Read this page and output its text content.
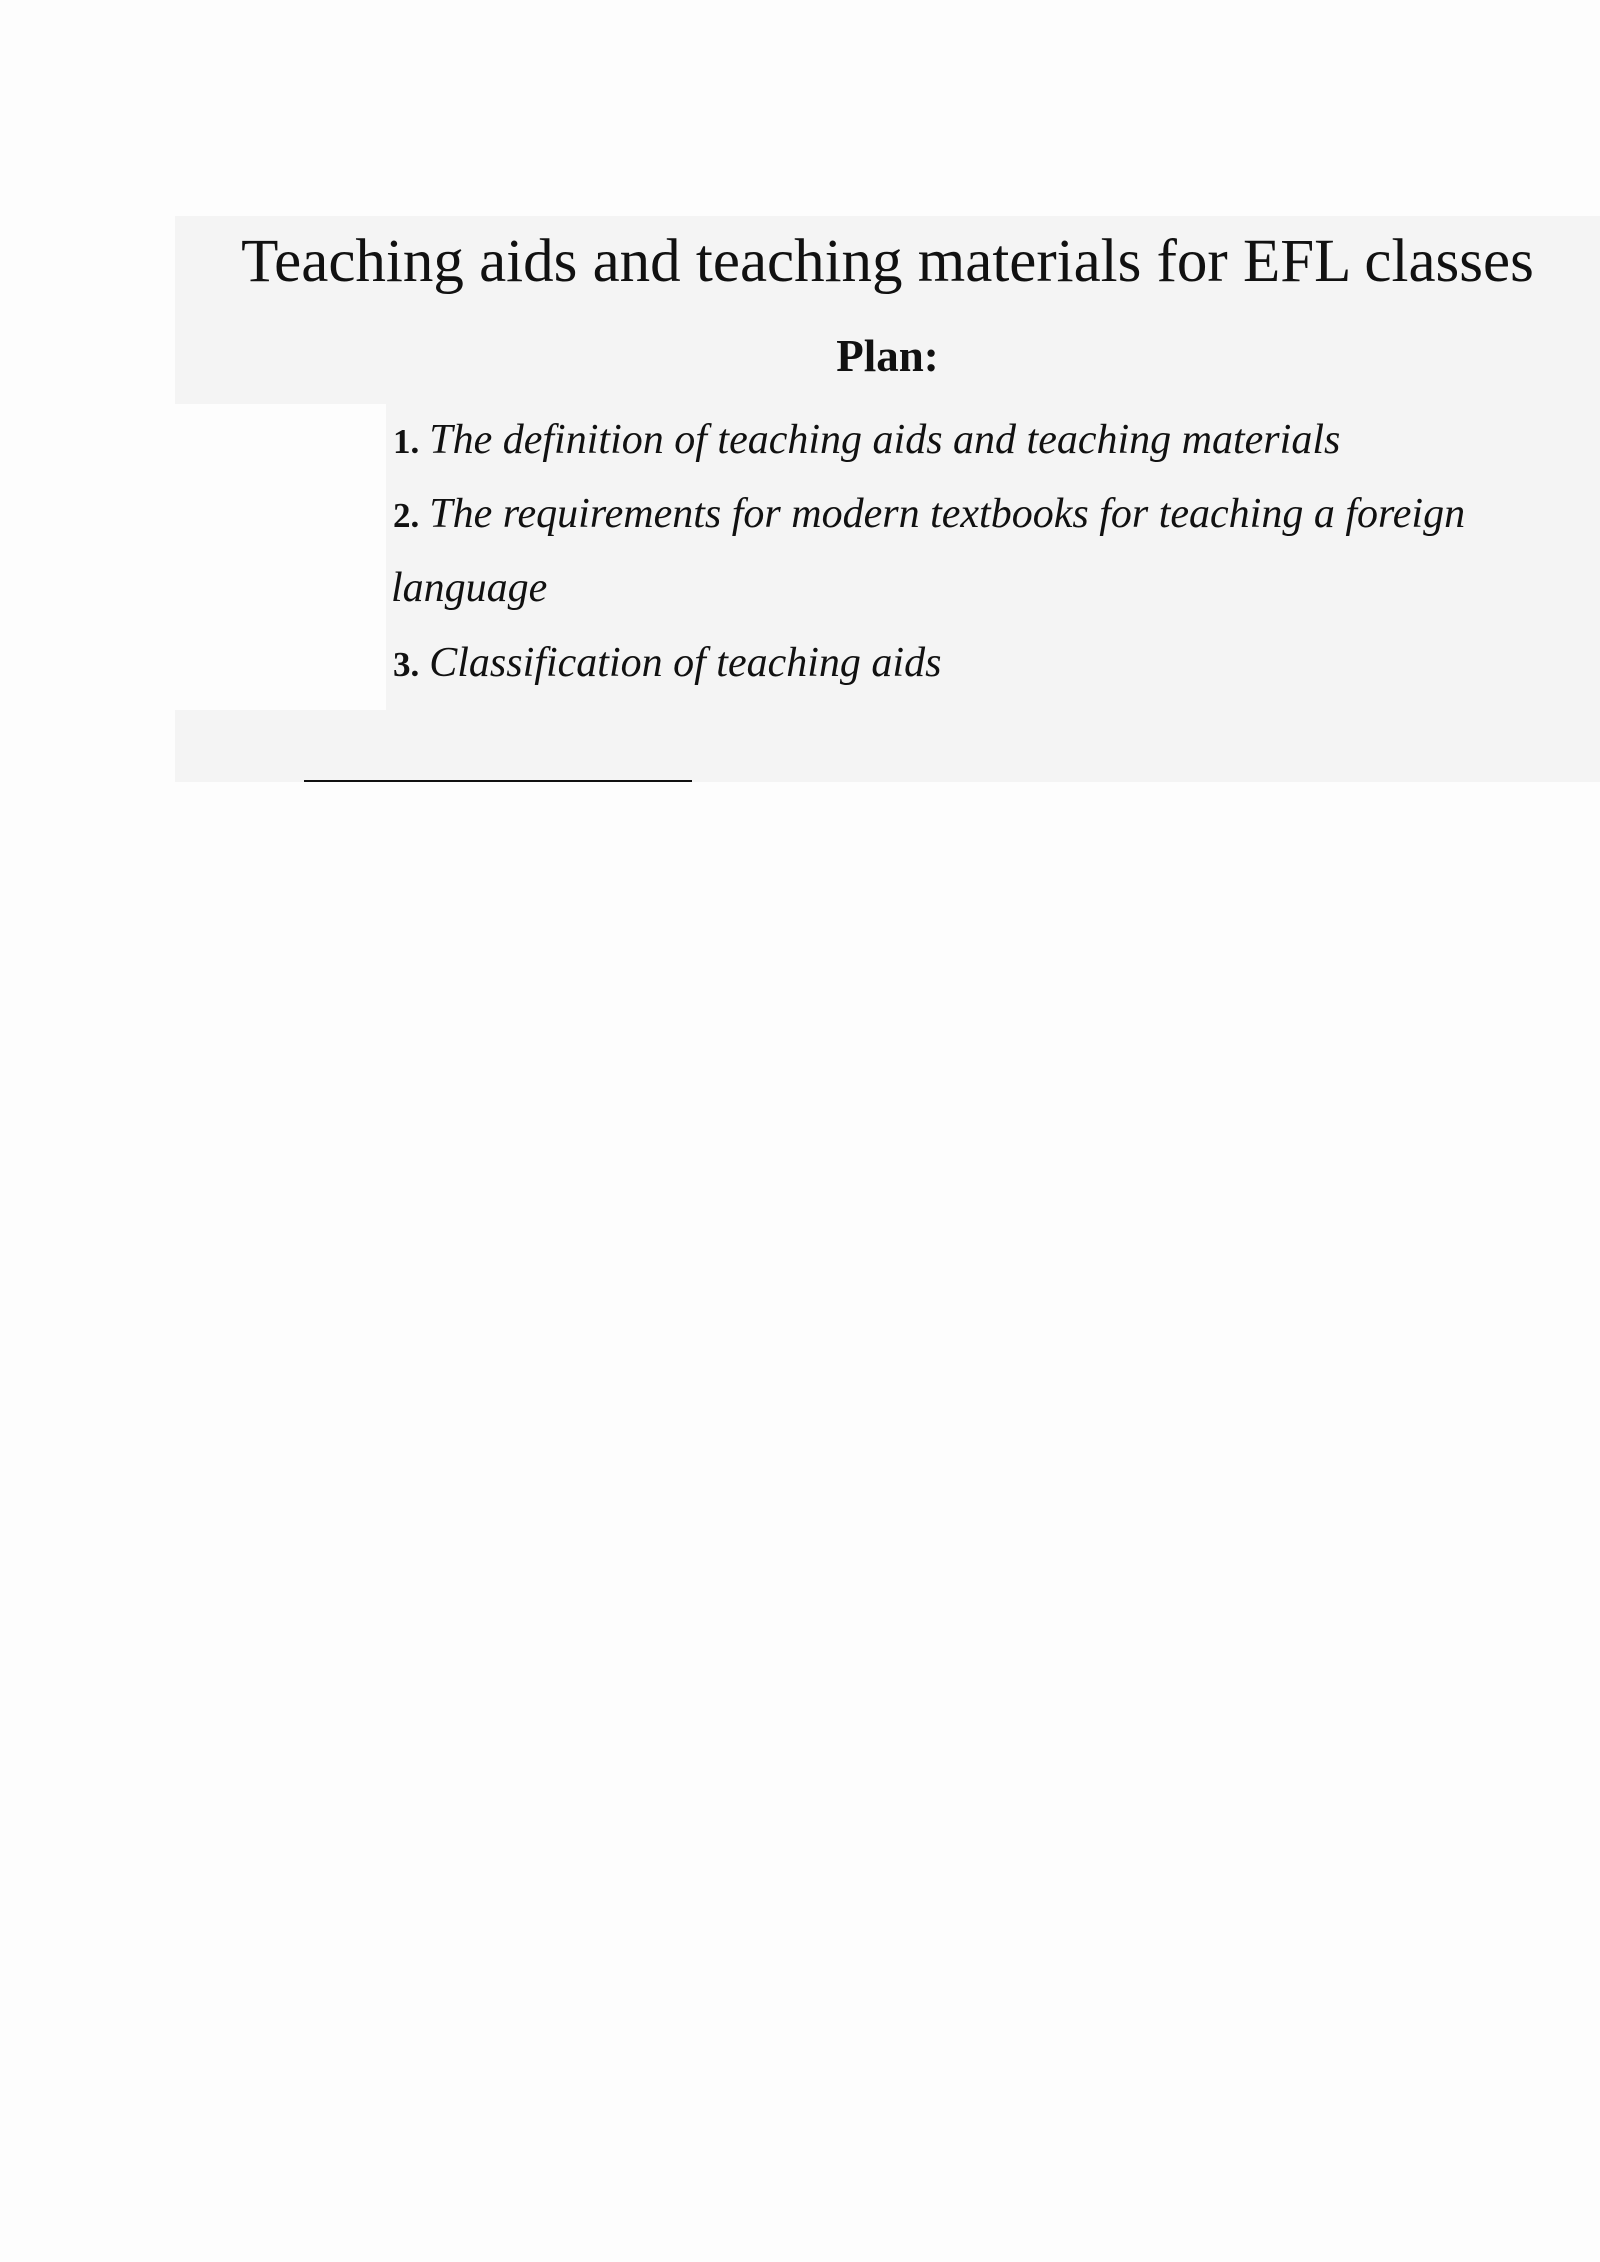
Teaching aids and teaching materials for EFL classes
Plan:
1. The definition of teaching aids and teaching materials
2. The requirements for modern textbooks for teaching a foreign
language
3. Classification of teaching aids
